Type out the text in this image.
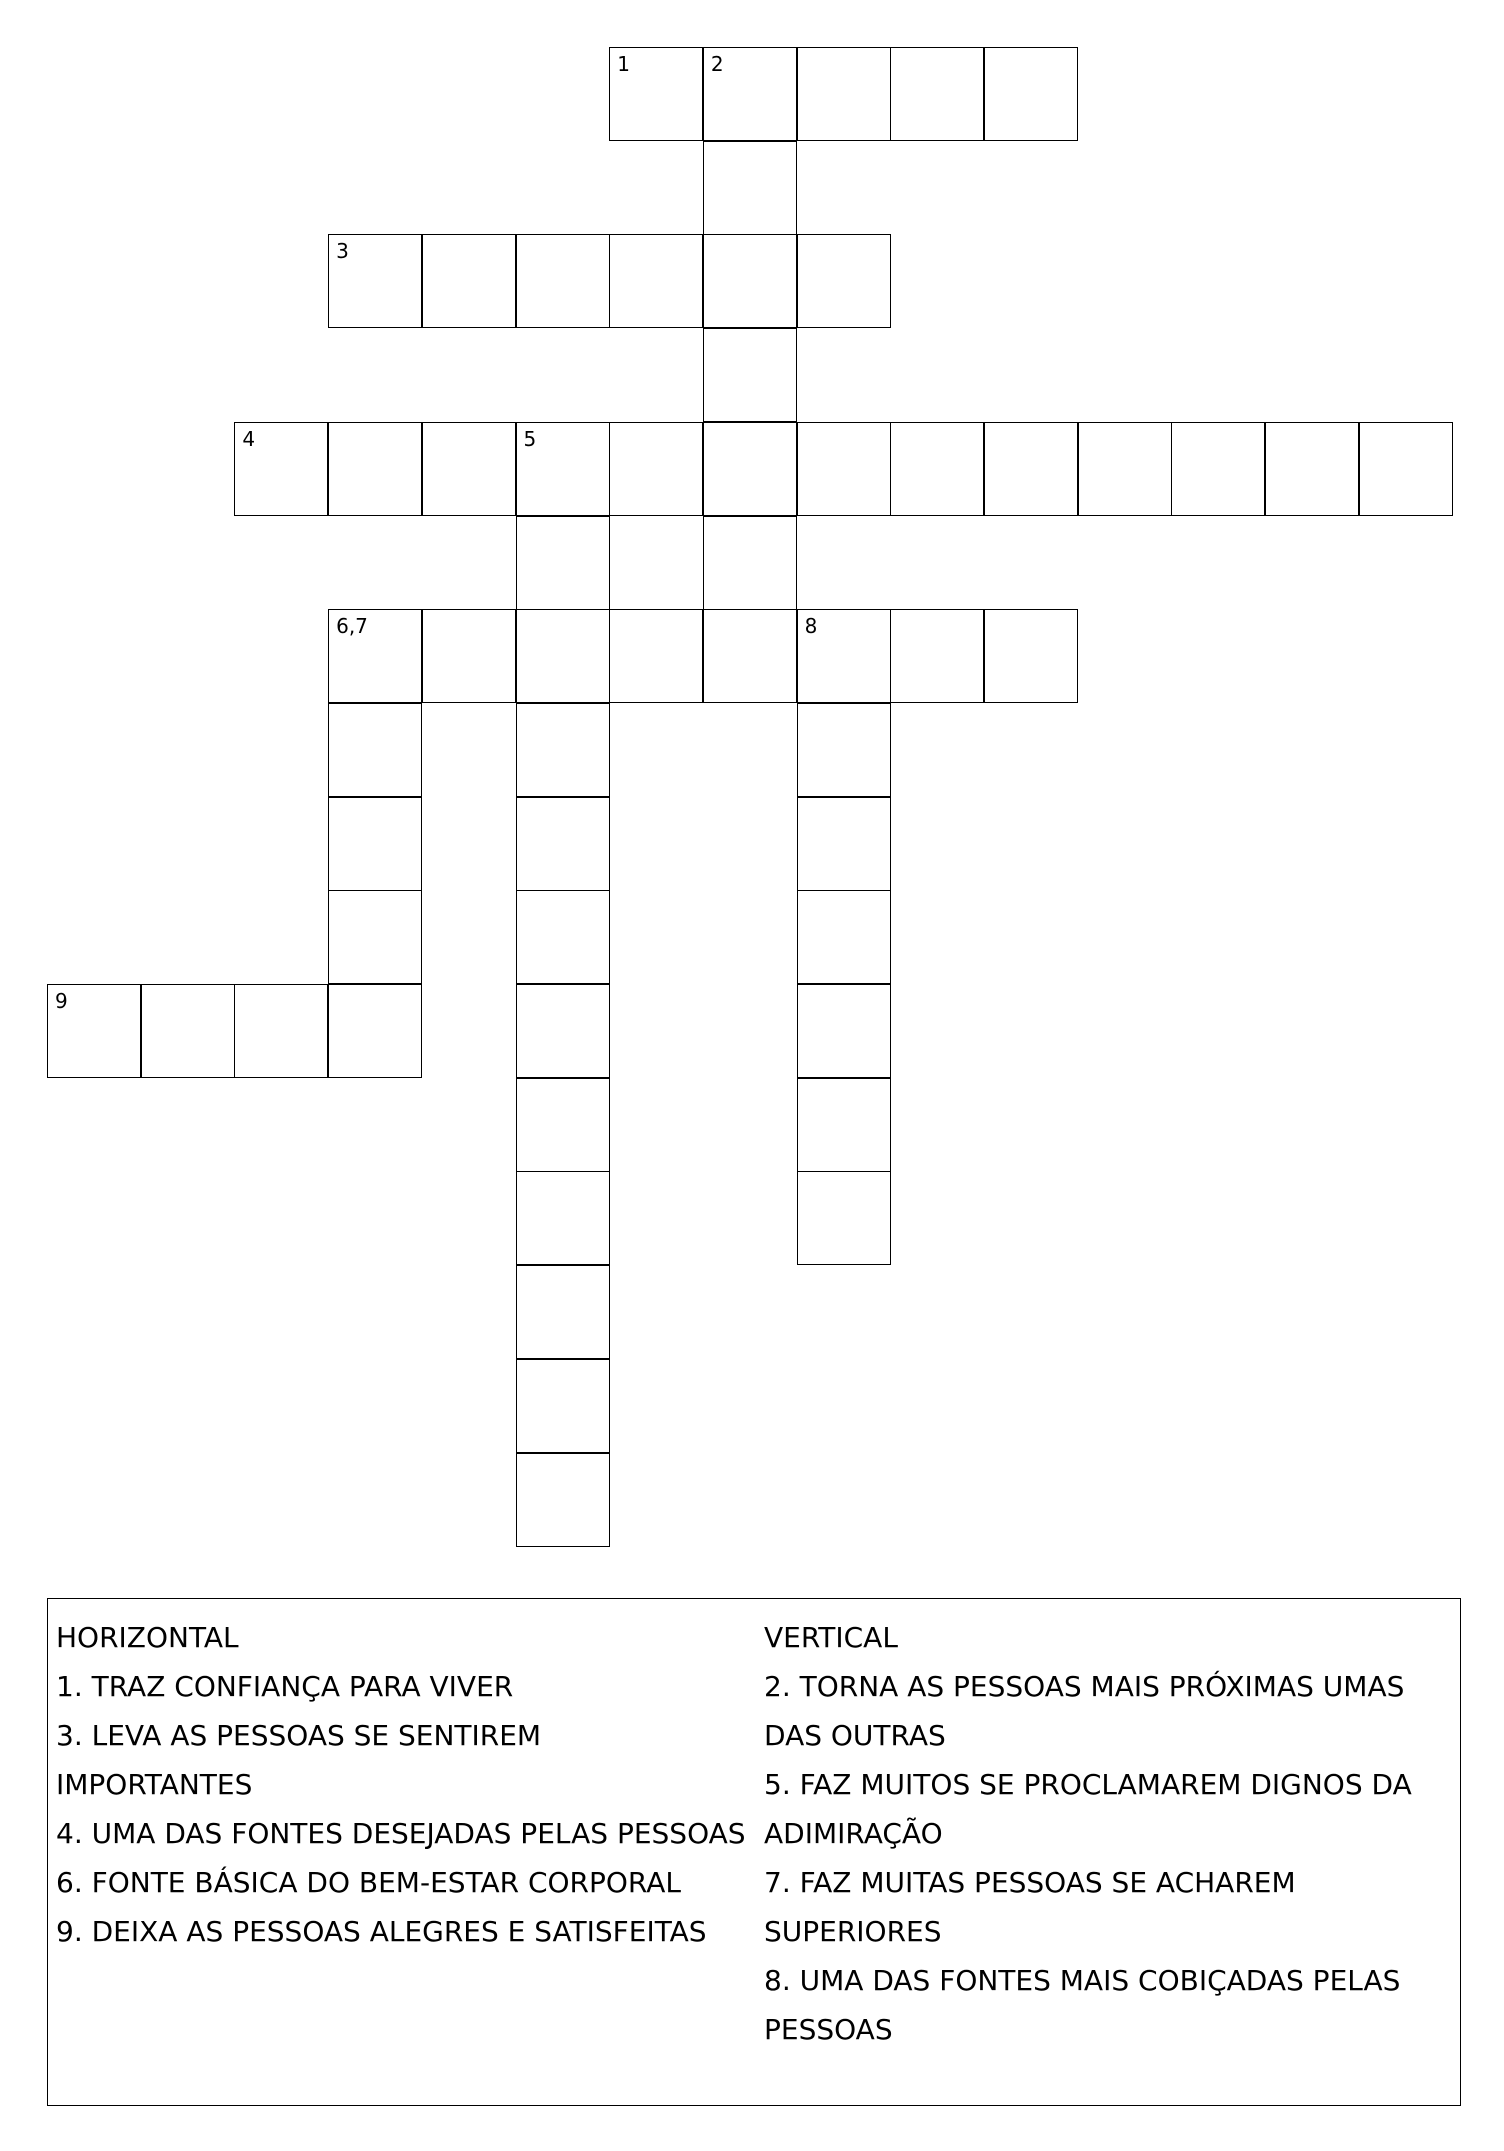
1	2
3
4	5
6,7	8
9
HORIZONTAL
1. TRAZ CONFIANÇA PARA VIVER
3. LEVA AS PESSOAS SE SENTIREM
IMPORTANTES
4. UMA DAS FONTES DESEJADAS PELAS PESSOAS
6. FONTE BÁSICA DO BEM-ESTAR CORPORAL
9. DEIXA AS PESSOAS ALEGRES E SATISFEITAS
VERTICAL
2. TORNA AS PESSOAS MAIS PRÓXIMAS UMAS
DAS OUTRAS
5. FAZ MUITOS SE PROCLAMAREM DIGNOS DA
ADIMIRAÇÃO
7. FAZ MUITAS PESSOAS SE ACHAREM
SUPERIORES
8. UMA DAS FONTES MAIS COBIÇADAS PELAS
PESSOAS
